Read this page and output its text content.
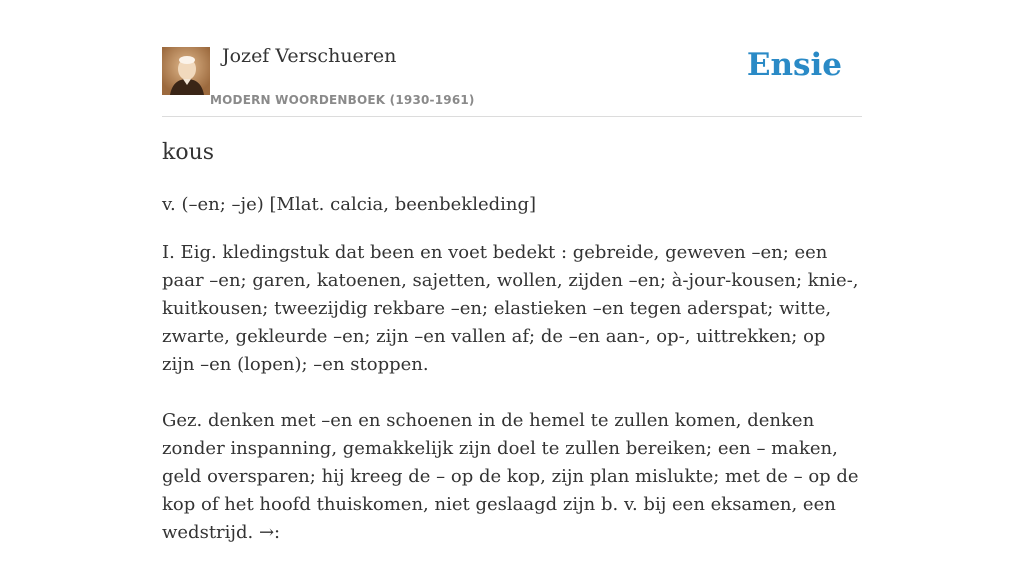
Jozef Verschueren
MODERN WOORDENBOEK (1930-1961)
Ensie
kous
v. (–en; –je) [Mlat. calcia, beenbekleding]

I. Eig. kledingstuk dat been en voet bedekt : gebreide, geweven –en; een paar –en; garen, katoenen, sajetten, wollen, zijden –en; à-jour-kousen; knie-, kuitkousen; tweezijdig rekbare –en; elastieken –en tegen aderspat; witte, zwarte, gekleurde –en; zijn –en vallen af; de –en aan-, op-, uittrekken; op zijn –en (lopen); –en stoppen.

Gez. denken met –en en schoenen in de hemel te zullen komen, denken zonder inspanning, gemakkelijk zijn doel te zullen bereiken; een – maken, geld oversparen; hij kreeg de – op de kop, zijn plan mislukte; met de – op de kop of het hoofd thuiskomen, niet geslaagd zijn b. v. bij een eksamen, een wedstrijd. →:
